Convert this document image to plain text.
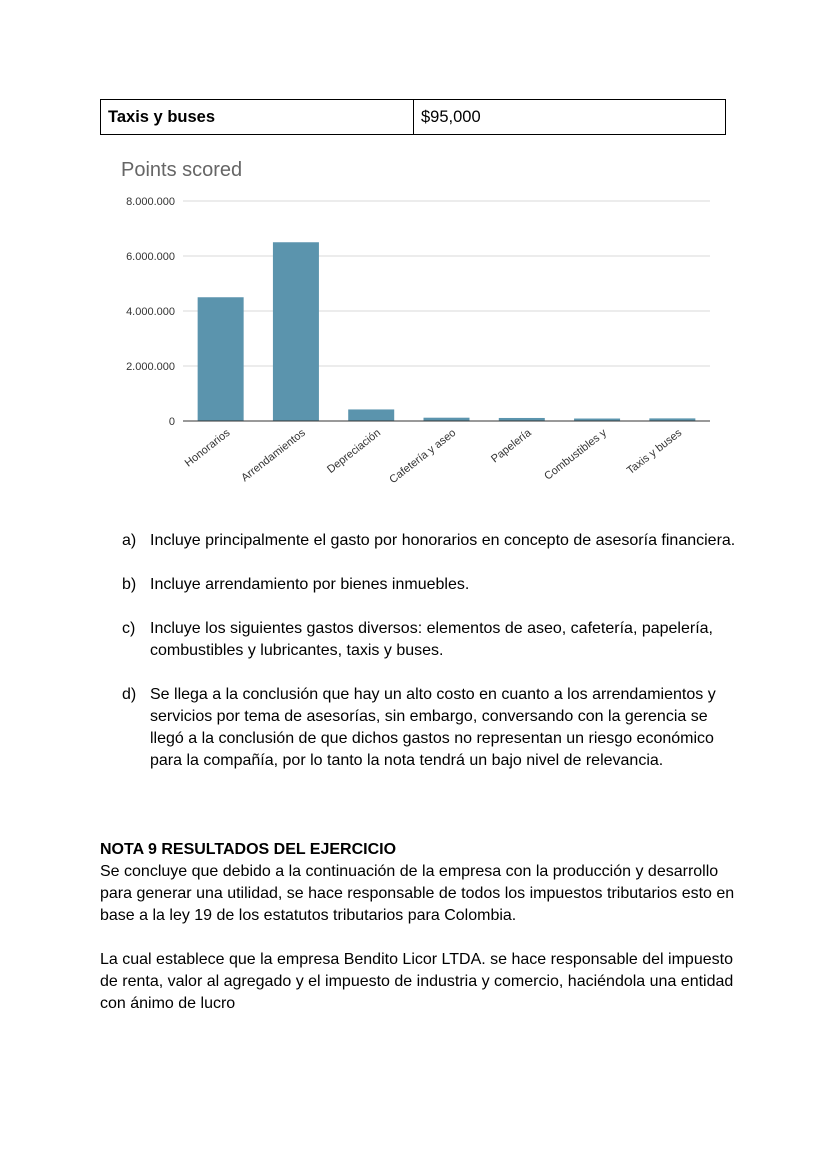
Taxis y buses	$95,000
Points scored
0
2.000.000
4.000.000
6.000.000
8.000.000
Honorarios Arrendamientos Depreciación Cafetería y aseo	Papelería Combustibles y Taxis y buses
a) Incluye principalmente el gasto por honorarios en concepto de asesoría financiera.
b) Incluye arrendamiento por bienes inmuebles.
c) Incluye los siguientes gastos diversos: elementos de aseo, cafetería, papelería, combustibles y lubricantes, taxis y buses.
d) Se llega a la conclusión que hay un alto costo en cuanto a los arrendamientos y servicios por tema de asesorías, sin embargo, conversando con la gerencia se llegó a la conclusión de que dichos gastos no representan un riesgo económico para la compañía, por lo tanto la nota tendrá un bajo nivel de relevancia.
NOTA 9 RESULTADOS DEL EJERCICIO

Se concluye que debido a la continuación de la empresa con la producción y desarrollo para generar una utilidad, se hace responsable de todos los impuestos tributarios esto en base a la ley 19 de los estatutos tributarios para Colombia.

La cual establece que la empresa Bendito Licor LTDA. se hace responsable del impuesto de renta, valor al agregado y el impuesto de industria y comercio, haciéndola una entidad con ánimo de lucro
